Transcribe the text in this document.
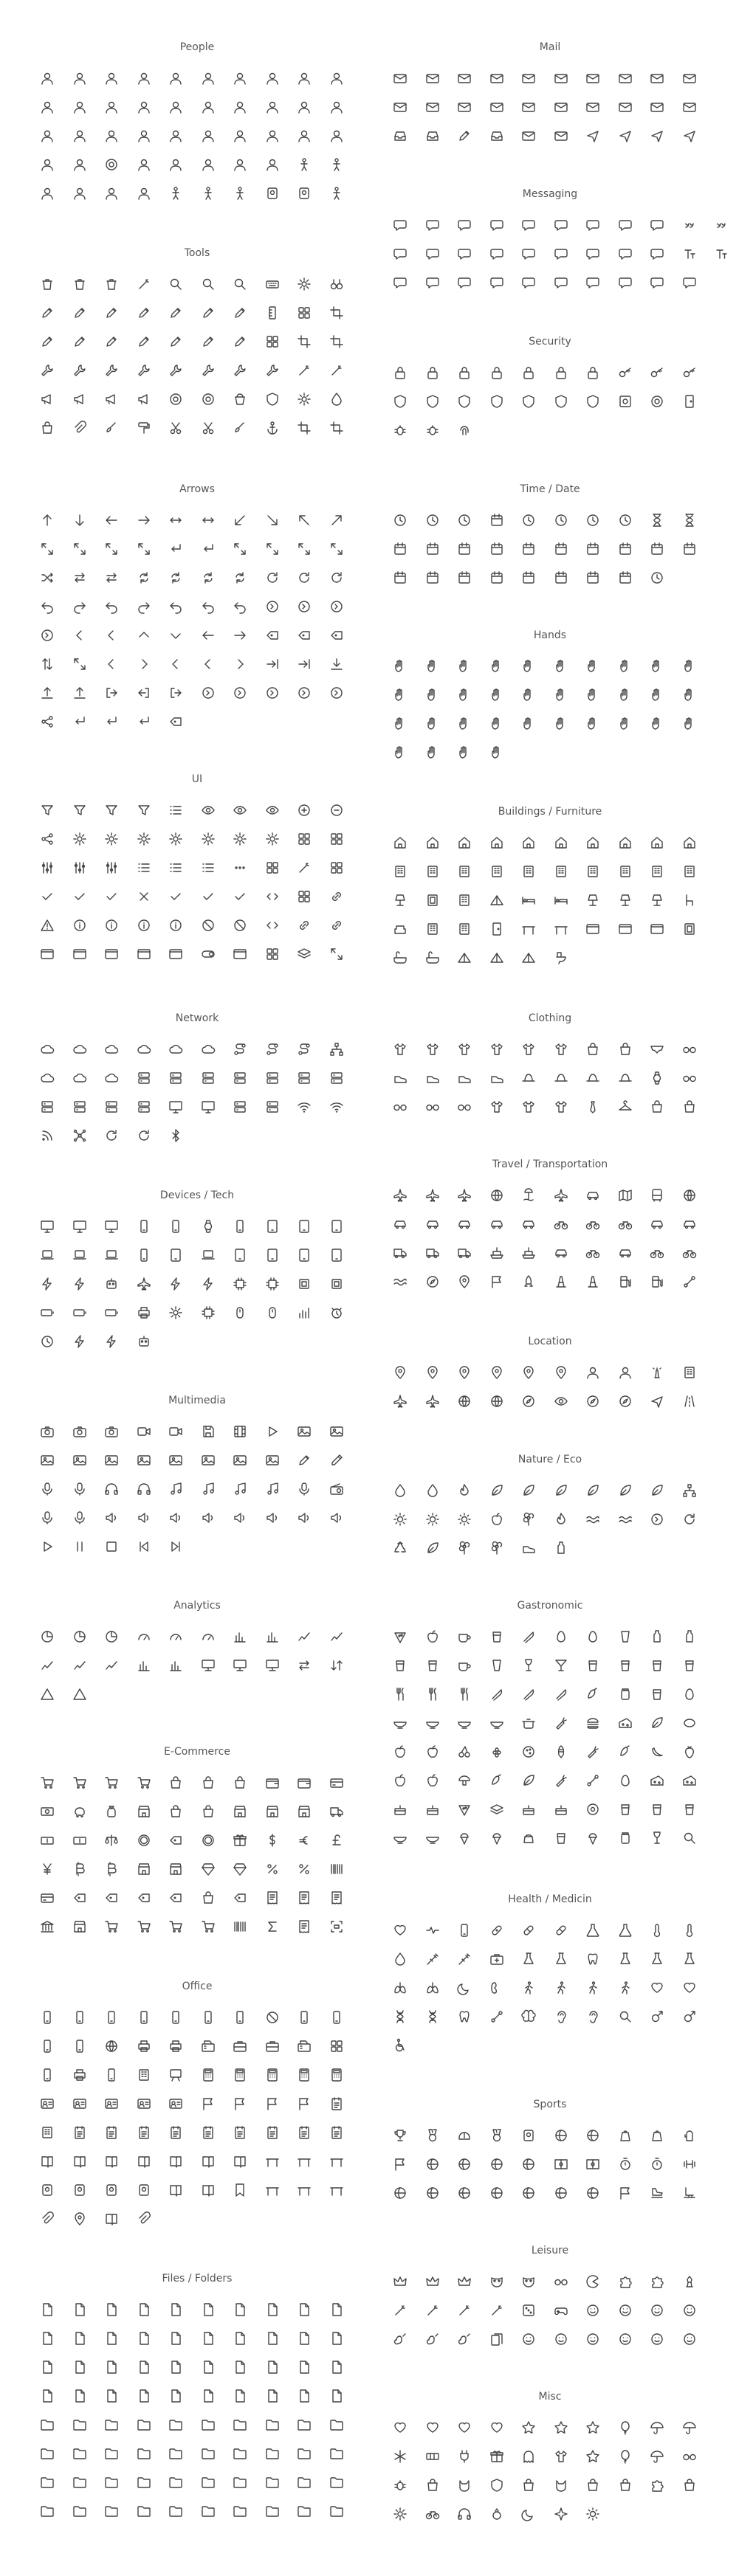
People	Mail
Messaging
Tools
Security
Arrows	Time / Date
Hands
UI
Buildings / Furniture
Network	Clothing
Travel / Transportation
Devices / Tech
Location
Multimedia
Nature / Eco
Analytics	Gastronomic
E-Commerce
Health / Medicin
Office
Sports
Leisure
Files / Folders
Misc
